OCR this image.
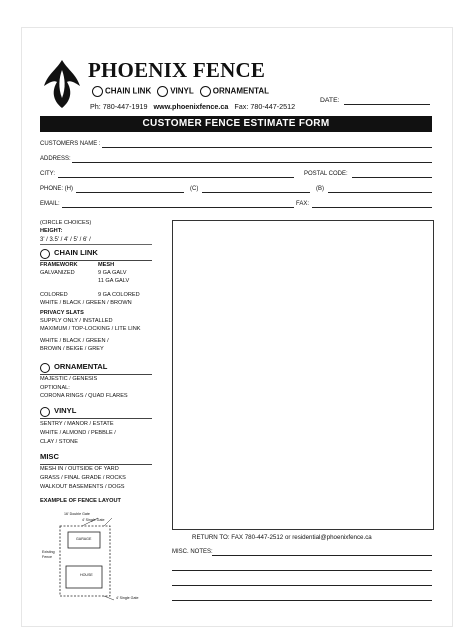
PHOENIX FENCE
CHAIN LINK	VINYL	ORNAMENTAL
Ph: 780-447-1919 www.phoenixfence.ca Fax: 780-447-2512
DATE:
CUSTOMER FENCE ESTIMATE FORM
CUSTOMERS NAME :
ADDRESS:
CITY:	POSTAL CODE:
PHONE: (H)	(C)	(B)
EMAIL:	FAX:
(CIRCLE CHOICES)
HEIGHT:
3' / 3.5' / 4' / 5' / 6' /
CHAIN LINK
FRAMEWORK	MESH
GALVANIZED	9 GA GALV
11 GA GALV
COLORED	9 GA COLORED
WHITE / BLACK / GREEN / BROWN
PRIVACY SLATS
SUPPLY ONLY / INSTALLED
MAXIMUM / TOP-LOCKING / LITE LINK
WHITE / BLACK / GREEN /
BROWN / BEIGE / GREY
ORNAMENTAL
MAJESTIC / GENESIS
OPTIONAL:
CORONA RINGS / QUAD FLARES
VINYL
SENTRY / MANOR / ESTATE
WHITE / ALMOND / PEBBLE /
CLAY / STONE
MISC
MESH IN / OUTSIDE OF YARD
GRASS / FINAL GRADE / ROCKS
WALKOUT BASEMENTS / DOGS
EXAMPLE OF FENCE LAYOUT
16' Double Gate
4' Single Gate
GARAGE
HOUSE
Existing Fence
4' Single Gate
RETURN TO: FAX 780-447-2512 or residential@phoenixfence.ca
MISC. NOTES:
